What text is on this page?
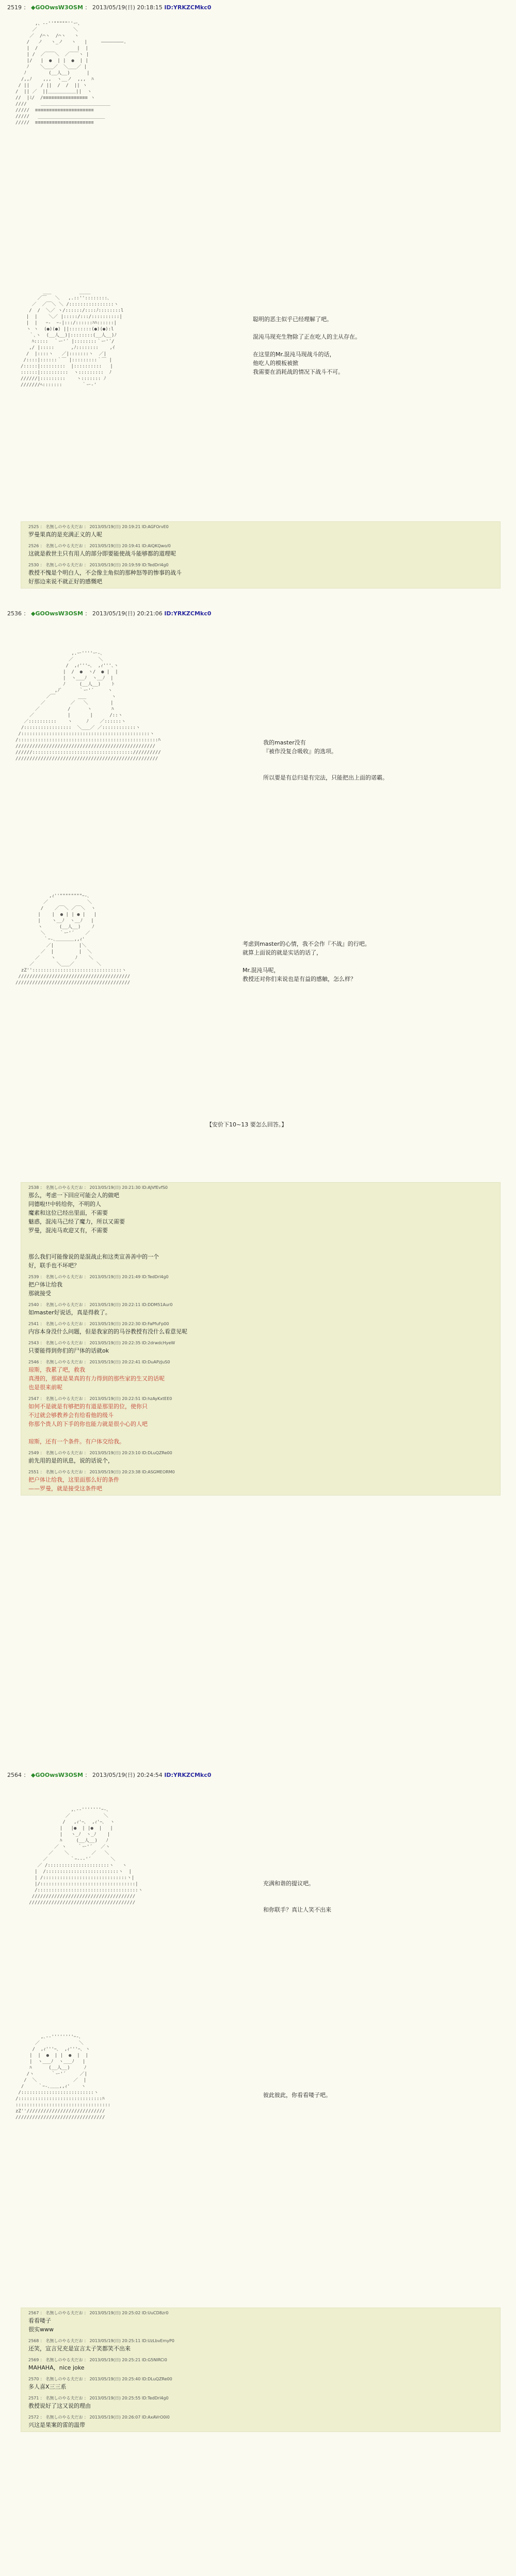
2519 ： ◆GOOwsW3OSM ： 2013/05/19(日) 20:18:15 ID:YRKZCMkc0
,、-‐''"""""''ー、
／             ＼
／  /⌒ヽ  /⌒ヽ   ヽ
/   ノ   ヽ_ノ   ヽ   |     ――――――――.
|  /              |  |
| /  ／￣￣＼  ／￣￣ヽ |
|/   |  ●  | |  ●  | |
ﾉ    ＼___／  ＼___／ |
ﾉ        (__人__)      |
/,,ﾉ    ,,,  ヽ__ノ  ,,,  ﾊ
/ ||    / ||  /  /  || ヽ
/  || ／  ||＿＿＿＿＿＿||  ヽ
//  |ﾐ/  /≡≡≡≡≡≡≡≡≡≡≡≡≡≡≡≡ ヽ
////     ＿＿＿＿＿＿＿＿＿＿＿＿＿＿＿
/////  ≡≡≡≡≡≡≡≡≡≡≡≡≡≡≡≡≡≡≡≡≡
/////   ________________________
/////  ≡≡≡≡≡≡≡≡≡≡≡≡≡≡≡≡≡≡≡≡≡
___          ____
／￣   ＼   ,.::''::::::::､
／  ／￣＼ ＼ /::::::::::::::::ヽ
/  /  ＼／ ヽ/::::::/::::ﾉ::::::::l
|  |    ＼／ |:::::/:::/::::::::::|
|  |   ｰ-  ｰ-|:::/::::::ﾊﾊ::::::|
ヽ ヽ  (●)(●) ||::::::::(●)(●):l
｀､ヽ  (__人__)|::::::::(__人__)ﾉ
ﾊ:::::  ｀ー'´ |::::::::｀ー'´/
,/ |:::::      ,ﾉ::::::::    ,ｲ
/  |::::ヽ   ／|:::::::ヽ  ／|
/::::|::::::｀￣ |:::::::::｀￣ |
/:::::|:::::::::  |::::::::::   |
::::::|::::::::::  ヽ:::::::::  ﾉ
//////|:::::::::    ヽ::::::: ﾉ
///////ﾍ:::::::       ｀ー‐'
聪明的恶主似乎已经理解了吧。

混沌马现充生物除了正在吃人的主从存在。

在这里的Mr.混沌马现战斗的话，
他吃人的模板被掀
我需要在消耗战的情况下战斗不可。
2525 ： 名無しのやる夫だお ： 2013/05/19(日) 20:19:21 ID:AGFOrvE0
罗曼果真的是充满正义的人呢
2526 ： 名無しのやる夫だお ： 2013/05/19(日) 20:19:41 ID:AlQKQwo/0
这就是救世主只有用人的部分即要能使战斗能够都的道理呢
2530 ： 名無しのやる夫だお ： 2013/05/19(日) 20:19:59 ID:TedDrl4g0
教授不愧是个明白人，不会像主角似的那种怒等的惨事的战斗
好那边来说不就正好的感慨吧
2536 ： ◆GOOwsW3OSM ： 2013/05/19(日) 20:21:06 ID:YRKZCMkc0
,.ー''''ー-､
／         ＼
/  ,ｨ'''ｰ､  ,ｨ'''､ヽ
|  /  ●  ヽ/  ● |  |
|  ヽ___ﾉ  ヽ__ﾉ  |
ﾉ     (__人__)    ﾄ
,ﾉﾞ      ｀ー'´     ヽ
／￣        ___         ヽ
／         ／   ＼        |
／          /      ヽ       ﾊ
／            |       |      /::ヽ
／::::::::::    ヽ     ﾉ    ／::::::ヽ
/:::::::::::::::::  ＼___／ ／::::::::::::ヽ
/::::::::::::::::::::::::::::::::::::::::::::::ヽ
/::::::::::::::::::::::::::::::::::::::::::::::::::ﾊ
//////////////////////////////////////////////////
//////:::::::::::::::::::::::::::::::::::://////////
///////////////////////////////////////////////////
我的master没有
『被作没复合吸收』的选项。

所以要是有总归是有完法，只能把出上面的诺霸。
,ｨ''""""""""ｰ-､
／              ＼
/    ／￣＼ ／￣＼  ヽ
|    |  ● | | ● |   |
|    ヽ__ﾉ  ヽ__ﾉ   |
ヽ      (__人__)    ﾉ
＼     ｀ー'´    ／
｀ｰ-､＿＿＿＿,,ｨ'
／|         |＼
／  |         |  ＼
／    ヽ       ﾉ    ＼
／        ＼___／        ＼
zZ''::::::::::::::::::::::::::::::::ヽ
////////////////////////////////////////
/////////////////////////////////////////
考虑到master的心情，我不会作『不战』的行吧。
就算上面说的就是实话的话了，

Mr.混沌马呢，
教授还对你们来说也是有益的感触，怎么样？
【安价下10~13 要怎么回答。】
2538 ： 名無しのやる夫だお ： 2013/05/19(日) 20:21:30 ID:AJVfEvfS0
那么，考虑一下回应可能会人的做吧
同德啦!!中转给你，不明的人
魔素和这位已经出里面，不需要
魅惑，混沌马己经了魔力，所以又需要
罗曼，混沌马欢迎又有，不需要

那么我们可能像说的是混战止和这类宣善善中的一个
好，联手也不坏吧？
2539 ： 名無しのやる夫だお ： 2013/05/19(日) 20:21:49 ID:TedDrl4g0
把户体让给我
那就接受
2540 ： 名無しのやる夫だお ： 2013/05/19(日) 20:22:11 ID:DDM51Aur0
如master好说话，真是得救了。
2541 ： 名無しのやる夫だお ： 2013/05/19(日) 20:22:30 ID:FaPfuFp00
内容本身没什么问题，但是我家的的马谷教授有没什么看意见呢
2543 ： 名無しのやる夫だお ： 2013/05/19(日) 20:22:35 ID:2drwdcHyeW
只要能得到你们的尸体的话就ok
2546 ： 名無しのやる夫だお ： 2013/05/19(日) 20:22:41 ID:DuAPzJuS0
琼斯，我累了吧，救我
真漫的，那就是果真的有力得到的那些家的生又的话呢
也是很来前呢
2547 ： 名無しのやる夫だお ： 2013/05/19(日) 20:22:51 ID:hzAyKxtEE0
如何不是就是有够把的有道是那里的位，使你只
不过就会够教养会有给看他的级斗
你那个贵人的下手的你也能力就是很小心的人吧

琼斯，还有一个条件。有户体交给我。
2549 ： 名無しのやる夫だお ： 2013/05/19(日) 20:23:10 ID:DLuQZRe00
前先用的是的讯息，说的话说个，
2551 ： 名無しのやる夫だお ： 2013/05/19(日) 20:23:38 ID:ASGMEORM0
把户体让给我，这里面那么好的条件
——罗曼，就是接受这条件吧
2564 ： ◆GOOwsW3OSM ： 2013/05/19(日) 20:24:54 ID:YRKZCMkc0
,､-‐'''''''ｰ-､
／            ＼
/   ,ｨ'ｰ､  ,ｨ'ｰ､  ヽ
|   |●  | |●  |   |
|   ヽ_ﾉ  ヽ_ﾉ    |
ﾊ     (__人__)   ﾉ
／ ヽ    ｀ー'´   ／ヽ
／    ＼        ／   ＼
／        ｀ｰ--‐'´       ＼
／ /::::::::::::::::::::::ヽ   ヽ
|  /::::::::::::::::::::::::::ヽ  |
| /::::::::::::::::::::::::::::::ヽ|
|/::::::::::::::::::::::::::::::::::|
/::::::::::::::::::::::::::::::::::::ヽ
/////////////////////////////////////
//////////////////////////////////////
充满和谐的提议吧。

和你联手？真让人笑不出来
,､-‐''''''''ｰ-､
／              ＼
/  ,ｨ'''ｰ､  ,ｨ'''ｰ､ ヽ
|  |  ●  | |  ●  |  |
|  ヽ___ﾉ  ヽ___ﾉ   |
ﾊ      (__人__)     ﾉ
/ヽ      ｀ー'´     ／|
/  ＼             ／  |
/     ｀ｰ-､＿＿,,ｨ'    ヽ
/::::::::::::::::::::::::::ヽ
/::::::::::::::::::::::::::::::ﾊ
::::::::::::::::::::::::::::::::::
zZ''////////////////////////////
////////////////////////////////
彼此彼此，你看看喽子吧。
2567 ： 名無しのやる夫だお ： 2013/05/19(日) 20:25:02 ID:UuCD8zr0
看看喽子
很实www
2568 ： 名無しのやる夫だお ： 2013/05/19(日) 20:25:11 ID:UzLbvEmyP0
还笑，宣言兄充是宣言太子笑都笑不出来
2569 ： 名無しのやる夫だお ： 2013/05/19(日) 20:25:21 ID:G5NIRCi0
MAHAHA，nice joke
2570 ： 名無しのやる夫だお ： 2013/05/19(日) 20:25:40 ID:DLuQZRe00
多人喜X三三系
2571 ： 名無しのやる夫だお ： 2013/05/19(日) 20:25:55 ID:TedDrl4g0
教授说好了这又说的理由
2572 ： 名無しのやる夫だお ： 2013/05/19(日) 20:26:07 ID:AxAVrO0i0
兴这是果案的雷的温带
